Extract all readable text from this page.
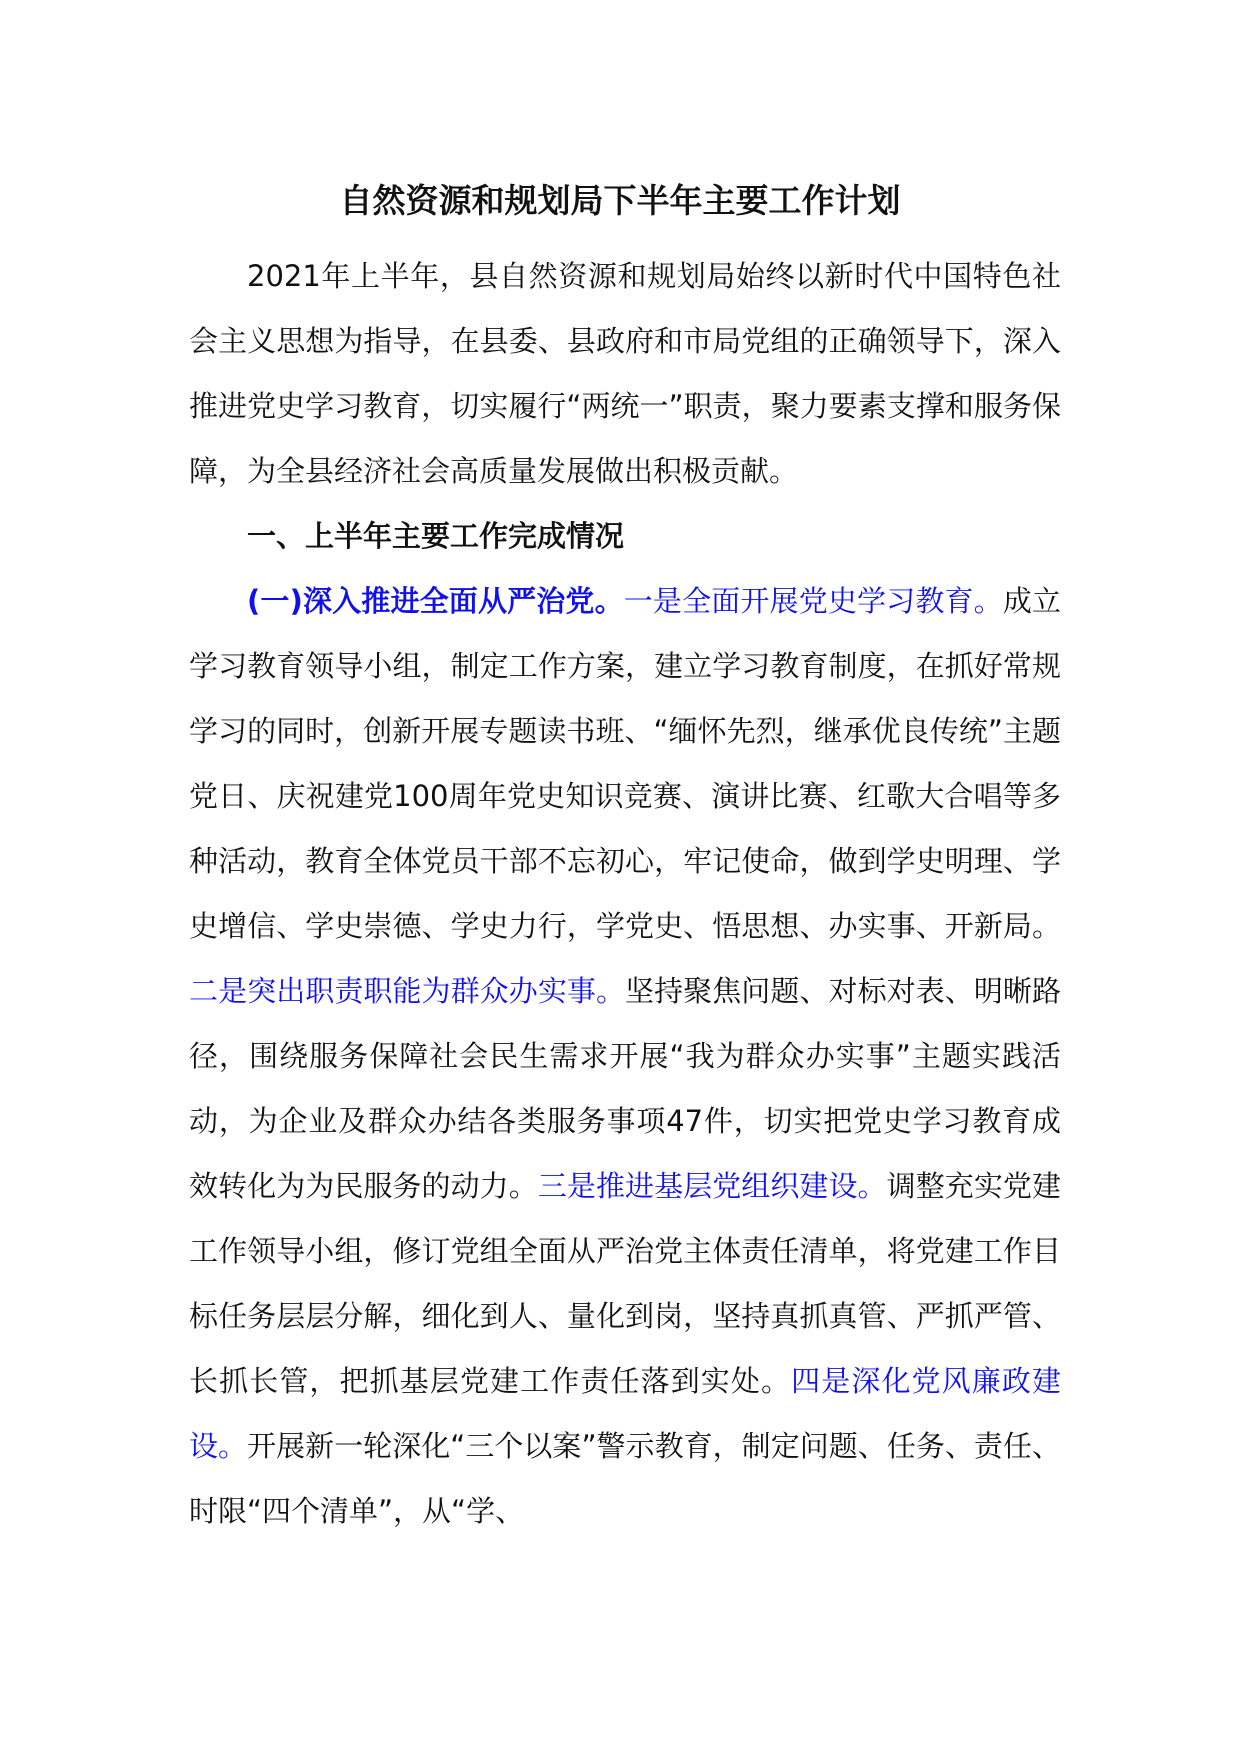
自然资源和规划局下半年主要工作计划

2021年上半年，县自然资源和规划局始终以新时代中国特色社会主义思想为指导，在县委、县政府和市局党组的正确领导下，深入推进党史学习教育，切实履行“两统一”职责，聚力要素支撑和服务保障，为全县经济社会高质量发展做出积极贡献。

一、上半年主要工作完成情况

(一)深入推进全面从严治党。一是全面开展党史学习教育。成立学习教育领导小组，制定工作方案，建立学习教育制度，在抓好常规学习的同时，创新开展专题读书班、“缅怀先烈，继承优良传统”主题党日、庆祝建党100周年党史知识竞赛、演讲比赛、红歌大合唱等多种活动，教育全体党员干部不忘初心，牢记使命，做到学史明理、学史增信、学史崇德、学史力行，学党史、悟思想、办实事、开新局。二是突出职责职能为群众办实事。坚持聚焦问题、对标对表、明晰路径，围绕服务保障社会民生需求开展“我为群众办实事”主题实践活动，为企业及群众办结各类服务事项47件，切实把党史学习教育成效转化为为民服务的动力。三是推进基层党组织建设。调整充实党建工作领导小组，修订党组全面从严治党主体责任清单，将党建工作目标任务层层分解，细化到人、量化到岗，坚持真抓真管、严抓严管、长抓长管，把抓基层党建工作责任落到实处。四是深化党风廉政建设。开展新一轮深化“三个以案”警示教育，制定问题、任务、责任、时限“四个清单”，从“学、
